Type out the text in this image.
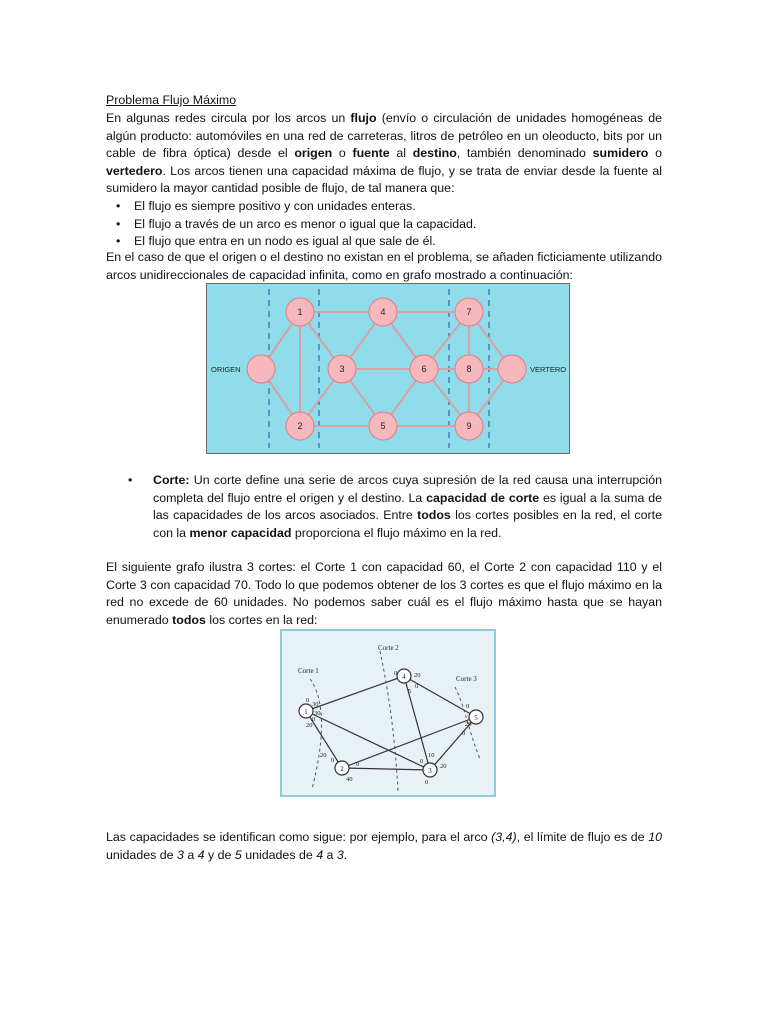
Problema Flujo Máximo
En algunas redes circula por los arcos un flujo (envío o circulación de unidades homogéneas de algún producto: automóviles en una red de carreteras, litros de petróleo en un oleoducto, bits por un cable de fibra óptica) desde el origen o fuente al destino, también denominado sumidero o vertedero. Los arcos tienen una capacidad máxima de flujo, y se trata de enviar desde la fuente al sumidero la mayor cantidad posible de flujo, de tal manera que:
• El flujo es siempre positivo y con unidades enteras.
• El flujo a través de un arco es menor o igual que la capacidad.
• El flujo que entra en un nodo es igual al que sale de él.
En el caso de que el origen o el destino no existan en el problema, se añaden ficticiamente utilizando arcos unidireccionales de capacidad infinita, como en grafo mostrado a continuación:
1
2
3
4
5
6
7
8
9
ORIGEN	VERTERO
• Corte: Un corte define una serie de arcos cuya supresión de la red causa una interrupción completa del flujo entre el origen y el destino. La capacidad de corte es igual a la suma de las capacidades de los arcos asociados. Entre todos los cortes posibles en la red, el corte con la menor capacidad proporciona el flujo máximo en la red.
El siguiente grafo ilustra 3 cortes: el Corte 1 con capacidad 60, el Corte 2 con capacidad 110 y el Corte 3 con capacidad 70. Todo lo que podemos obtener de los 3 cortes es que el flujo máximo en la red no excede de 60 unidades. No podemos saber cuál es el flujo máximo hasta que se hayan enumerado todos los cortes en la red:
1
4
2	3
5
Corte 1
Corte 2
Corte 3
30
0
30
20
0
0	20
5
0
0
20
40
0
10
0
20
0
0
20
0
Las capacidades se identifican como sigue: por ejemplo, para el arco (3,4), el límite de flujo es de 10 unidades de 3 a 4 y de 5 unidades de 4 a 3.
